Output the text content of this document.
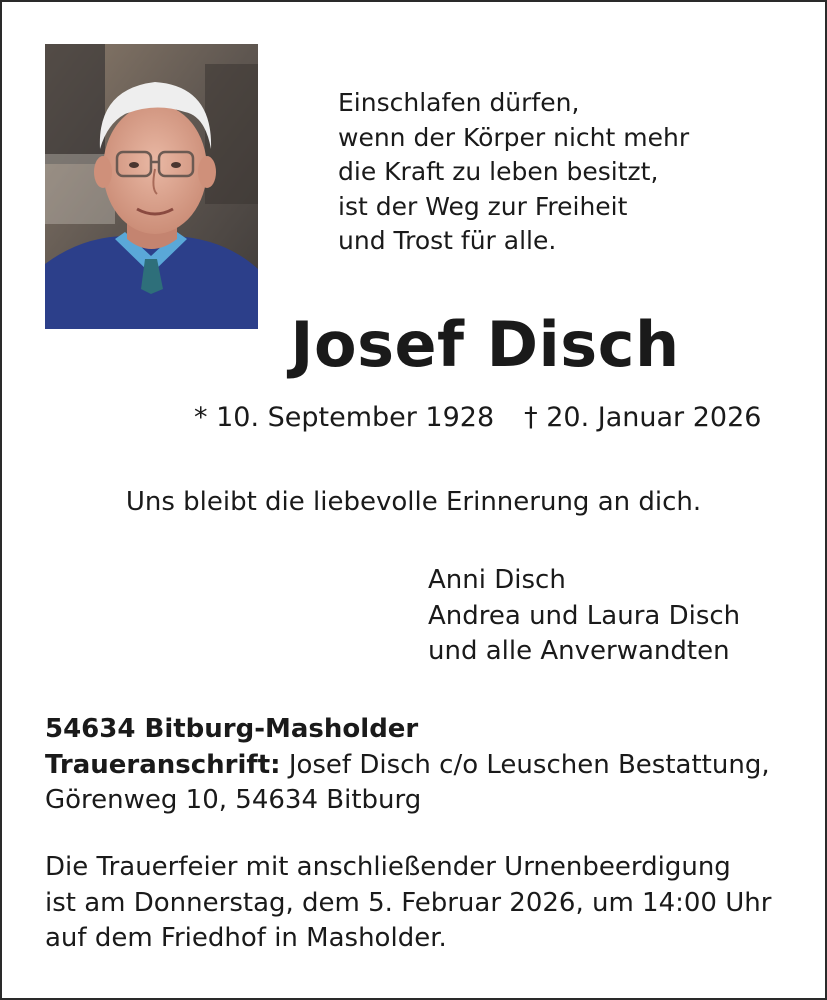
Einschlafen dürfen,
wenn der Körper nicht mehr
die Kraft zu leben besitzt,
ist der Weg zur Freiheit
und Trost für alle.
Josef Disch
* 10. September 1928 † 20. Januar 2026
Uns bleibt die liebevolle Erinnerung an dich.
Anni Disch
Andrea und Laura Disch
und alle Anverwandten
54634 Bitburg-Masholder
Traueranschrift: Josef Disch c/o Leuschen Bestattung,
Görenweg 10, 54634 Bitburg
Die Trauerfeier mit anschließender Urnenbeerdigung
ist am Donnerstag, dem 5. Februar 2026, um 14:00 Uhr
auf dem Friedhof in Masholder.
